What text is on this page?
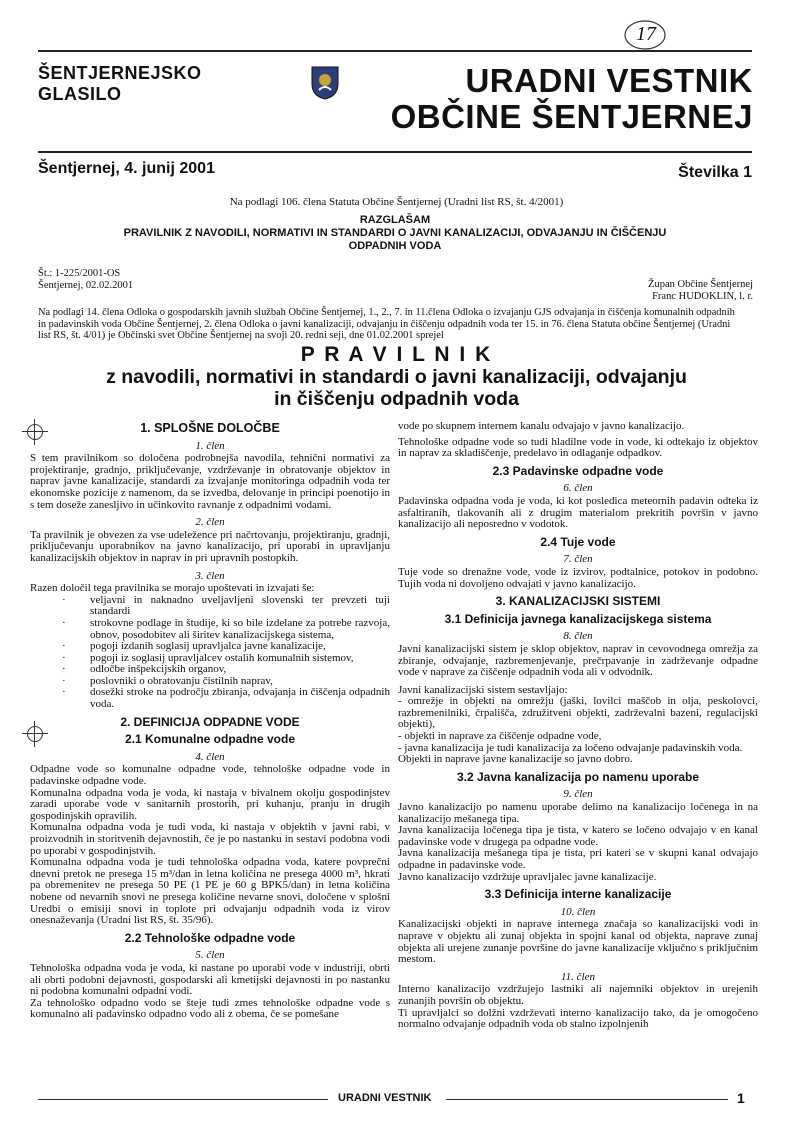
17
ŠENTJERNEJSKO
GLASILO	URADNI VESTNIK
OBČINE ŠENTJERNEJ
Šentjernej, 4. junij 2001	Številka 1
Na podlagi 106. člena Statuta Občine Šentjernej (Uradni list RS, št. 4/2001)
RAZGLAŠAM
PRAVILNIK Z NAVODILI, NORMATIVI IN STANDARDI O JAVNI KANALIZACIJI, ODVAJANJU IN ČIŠČENJU
ODPADNIH VODA
Št.: 1-225/2001-OS
Šentjernej, 02.02.2001	Župan Občine Šentjernej
Franc HUDOKLIN, l. r.
Na podlagi 14. člena Odloka o gospodarskih javnih službah Občine Šentjernej, 1., 2., 7. in 11.člena Odloka o izvajanju GJS odvajanja in čiščenja komunalnih odpadnih
in padavinskih voda Občine Šentjernej, 2. člena Odloka o javni kanalizaciji, odvajanju in čiščenju odpadnih voda ter 15. in 76. člena Statuta občine Šentjernej (Uradni
list RS, št. 4/01) je Občinski svet Občine Šentjernej na svoji 20. redni seji, dne 01.02.2001 sprejel
P R A V I L N I K
z navodili, normativi in standardi o javni kanalizaciji, odvajanju
in čiščenju odpadnih voda
1. SPLOŠNE DOLOČBE
1. člen

S tem pravilnikom so določena podrobnejša navodila, tehnični normativi za projektiranje, gradnjo, priključevanje, vzdrževanje in obratovanje objektov in naprav javne kanalizacije, standardi za izvajanje monitoringa odpadnih voda ter ekonomske pozicije z namenom, da se izvedba, delovanje in principi poenotijo in s tem doseže zanesljivo in učinkovito ravnanje z odpadnimi vodami.

2. člen

Ta pravilnik je obvezen za vse udeležence pri načrtovanju, projektiranju, gradnji, priključevanju uporabnikov na javno kanalizacijo, pri uporabi in upravljanju kanalizacijskih objektov in naprav in pri upravnih postopkih.

3. člen

Razen določil tega pravilnika se morajo upoštevati in izvajati še:

· veljavni in naknadno uveljavljeni slovenski ter prevzeti tuji standardi
· strokovne podlage in študije, ki so bile izdelane za potrebe razvoja, obnov, posodobitev ali širitev kanalizacijskega sistema,
· pogoji izdanih soglasij upravljalca javne kanalizacije,
· pogoji iz soglasij upravljalcev ostalih komunalnih sistemov,
· odločbe inšpekcijskih organov,
· poslovniki o obratovanju čistilnih naprav,
· dosežki stroke na področju zbiranja, odvajanja in čiščenja odpadnih voda.
2. DEFINICIJA ODPADNE VODE
2.1 Komunalne odpadne vode
4. člen

Odpadne vode so komunalne odpadne vode, tehnološke odpadne vode in padavinske odpadne vode.

Komunalna odpadna voda je voda, ki nastaja v bivalnem okolju gospodinjstev zaradi uporabe vode v sanitarnih prostorih, pri kuhanju, pranju in drugih gospodinjskih opravilih.

Komunalna odpadna voda je tudi voda, ki nastaja v objektih v javni rabi, v proizvodnih in storitvenih dejavnostih, če je po nastanku in sestavi podobna vodi po uporabi v gospodinjstvih.

Komunalna odpadna voda je tudi tehnološka odpadna voda, katere povprečni dnevni pretok ne presega 15 m³/dan in letna količina ne presega 4000 m³, hkrati pa obremenitev ne presega 50 PE (1 PE je 60 g BPK5/dan) in letna količina nobene od nevarnih snovi ne presega količine nevarne snovi, določene v splošni Uredbi o emisiji snovi in toplote pri odvajanju odpadnih voda iz virov onesnaževanja (Uradni list RS, št. 35/96).

2.2 Tehnološke odpadne vode
5. člen

Tehnološka odpadna voda je voda, ki nastane po uporabi vode v industriji, obrti ali obrti podobni dejavnosti, gospodarski ali kmetijski dejavnosti in po nastanku ni podobna komunalni odpadni vodi.

Za tehnološko odpadno vodo se šteje tudi zmes tehnološke odpadne vode s komunalno ali padavinsko odpadno vodo ali z obema, če se pomešane

vode po skupnem internem kanalu odvajajo v javno kanalizacijo.

Tehnološke odpadne vode so tudi hladilne vode in vode, ki odtekajo iz objektov in naprav za skladiščenje, predelavo in odlaganje odpadkov.

2.3 Padavinske odpadne vode
6. člen

Padavinska odpadna voda je voda, ki kot posledica meteornih padavin odteka iz asfaltiranih, tlakovanih ali z drugim materialom prekritih površin v javno kanalizacijo ali neposredno v vodotok.

2.4 Tuje vode
7. člen

Tuje vode so drenažne vode, vode iz izvirov, podtalnice, potokov in podobno. Tujih voda ni dovoljeno odvajati v javno kanalizacijo.

3. KANALIZACIJSKI SISTEMI
3.1 Definicija javnega kanalizacijskega sistema
8. člen

Javni kanalizacijski sistem je sklop objektov, naprav in cevovodnega omrežja za zbiranje, odvajanje, razbremenjevanje, prečrpavanje in zadrževanje odpadne vode v naprave za čiščenje odpadnih voda ali v odvodnik.

Javni kanalizacijski sistem sestavljajo:

- omrežje in objekti na omrežju (jaški, lovilci maščob in olja, peskolovci, razbremenilniki, črpališča, združitveni objekti, zadrževalni bazeni, regulacijski objekti),

- objekti in naprave za čiščenje odpadne vode,

- javna kanalizacija je tudi kanalizacija za ločeno odvajanje padavinskih voda.

Objekti in naprave javne kanalizacije so javno dobro.

3.2 Javna kanalizacija po namenu uporabe
9. člen

Javno kanalizacijo po namenu uporabe delimo na kanalizacijo ločenega in na kanalizacijo mešanega tipa.

Javna kanalizacija ločenega tipa je tista, v katero se ločeno odvajajo v en kanal padavinske vode v drugega pa odpadne vode.

Javna kanalizacija mešanega tipa je tista, pri kateri se v skupni kanal odvajajo odpadne in padavinske vode.

Javno kanalizacijo vzdržuje upravljalec javne kanalizacije.

3.3 Definicija interne kanalizacije
10. člen

Kanalizacijski objekti in naprave internega značaja so kanalizacijski vodi in naprave v objektu ali zunaj objekta in spojni kanal od objekta, naprave zunaj objekta ali urejene zunanje površine do javne kanalizacije vključno s priključnim mestom.

11. člen

Interno kanalizacijo vzdržujejo lastniki ali najemniki objektov in urejenih zunanjih površin ob objektu.

Ti upravljalci so dolžni vzdrževati interno kanalizacijo tako, da je omogočeno normalno odvajanje odpadnih voda ob stalno izpolnjenih

URADNI VESTNIK	1
